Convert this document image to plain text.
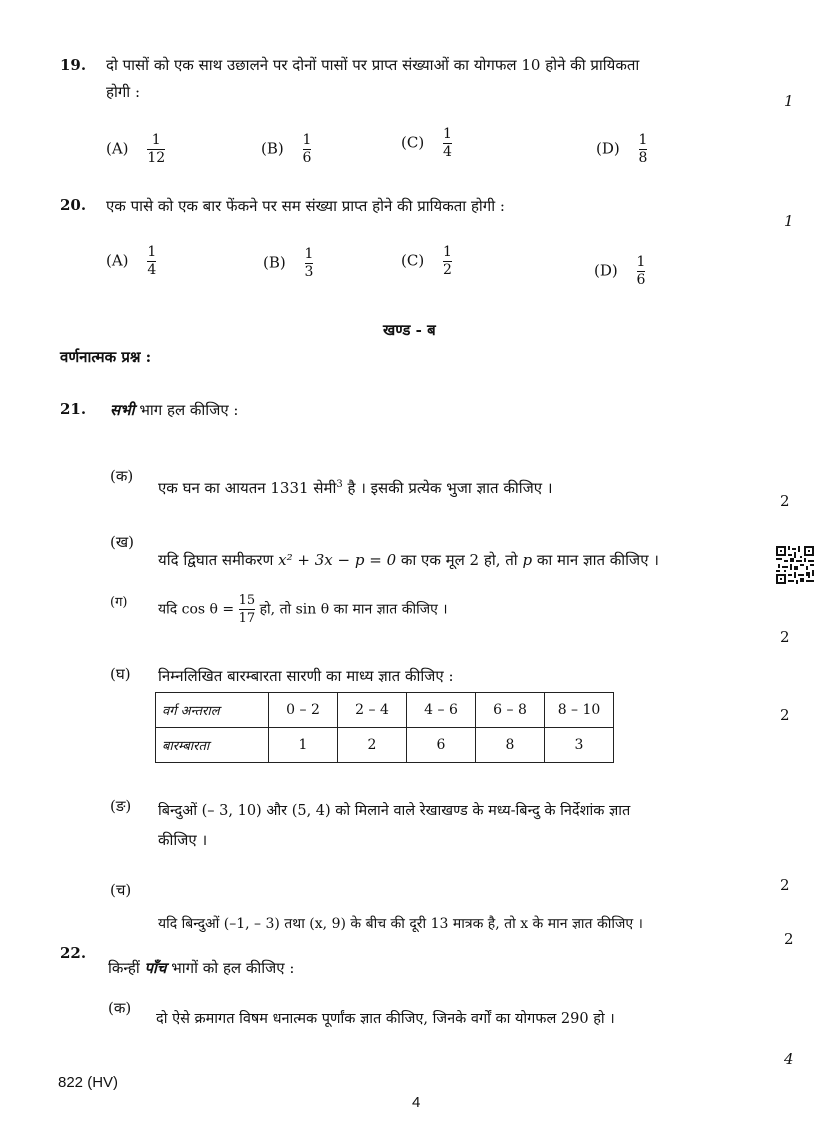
19. दो पासों को एक साथ उछालने पर दोनों पासों पर प्राप्त संख्याओं का योगफल 10 होने की प्रायिकता
होगी :	1
$(A) \frac{1}{12}$	$(B) \frac{1}{6}$	$(C) \frac{1}{4}$	$(D) \frac{1}{8}$
20. एक पासे को एक बार फेंकने पर सम संख्या प्राप्त होने की प्रायिकता होगी :
1
$(A) \frac{1}{4}$	$(B) \frac{1}{3}$	$(C) \frac{1}{2}$	$(D) \frac{1}{6}$
खण्ड - ब
वर्णनात्मक प्रश्न :
21. सभी भाग हल कीजिए :
(क)
एक घन का आयतन 1331 सेमी$^3$ है । इसकी प्रत्येक भुजा ज्ञात कीजिए ।
2
(ख)
यदि द्विघात समीकरण x² + 3x − p = 0 का एक मूल 2 हो, तो p का मान ज्ञात कीजिए ।
(ग) यदि $\cos \theta = \frac{15}{17}$ हो, तो sin θ का मान ज्ञात कीजिए ।
2
(घ) निम्नलिखित बारम्बारता सारणी का माध्य ज्ञात कीजिए :
2
वर्ग अन्तराल	0 – 2	2 – 4	4 – 6	6 – 8	8 – 10
बारम्बारता	1	2	6	8	3
(ङ) बिन्दुओं (– 3, 10) और (5, 4) को मिलाने वाले रेखाखण्ड के मध्य-बिन्दु के निर्देशांक ज्ञात
कीजिए ।
2
(च)
यदि बिन्दुओं (–1, – 3) तथा (x, 9) के बीच की दूरी 13 मात्रक है, तो x के मान ज्ञात कीजिए ।
2
22.
किन्हीं पाँच भागों को हल कीजिए :
(क)
दो ऐसे क्रमागत विषम धनात्मक पूर्णांक ज्ञात कीजिए, जिनके वर्गों का योगफल 290 हो ।
4
822 (HV)
4
